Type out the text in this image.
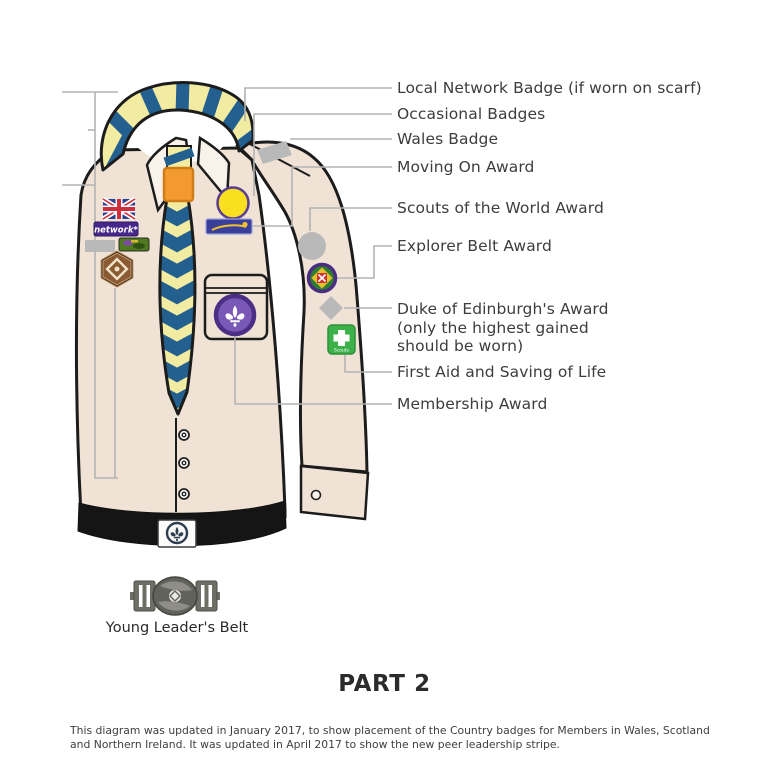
network*
Scouts
Local Network Badge (if worn on scarf)
Occasional Badges
Wales Badge
Moving On Award
Scouts of the World Award
Explorer Belt Award
Duke of Edinburgh's Award (only the highest gained should be worn)
First Aid and Saving of Life
Membership Award
Young Leader's Belt
PART 2
This diagram was updated in January 2017, to show placement of the Country badges for Members in Wales, Scotland and Northern Ireland. It was updated in April 2017 to show the new peer leadership stripe.
